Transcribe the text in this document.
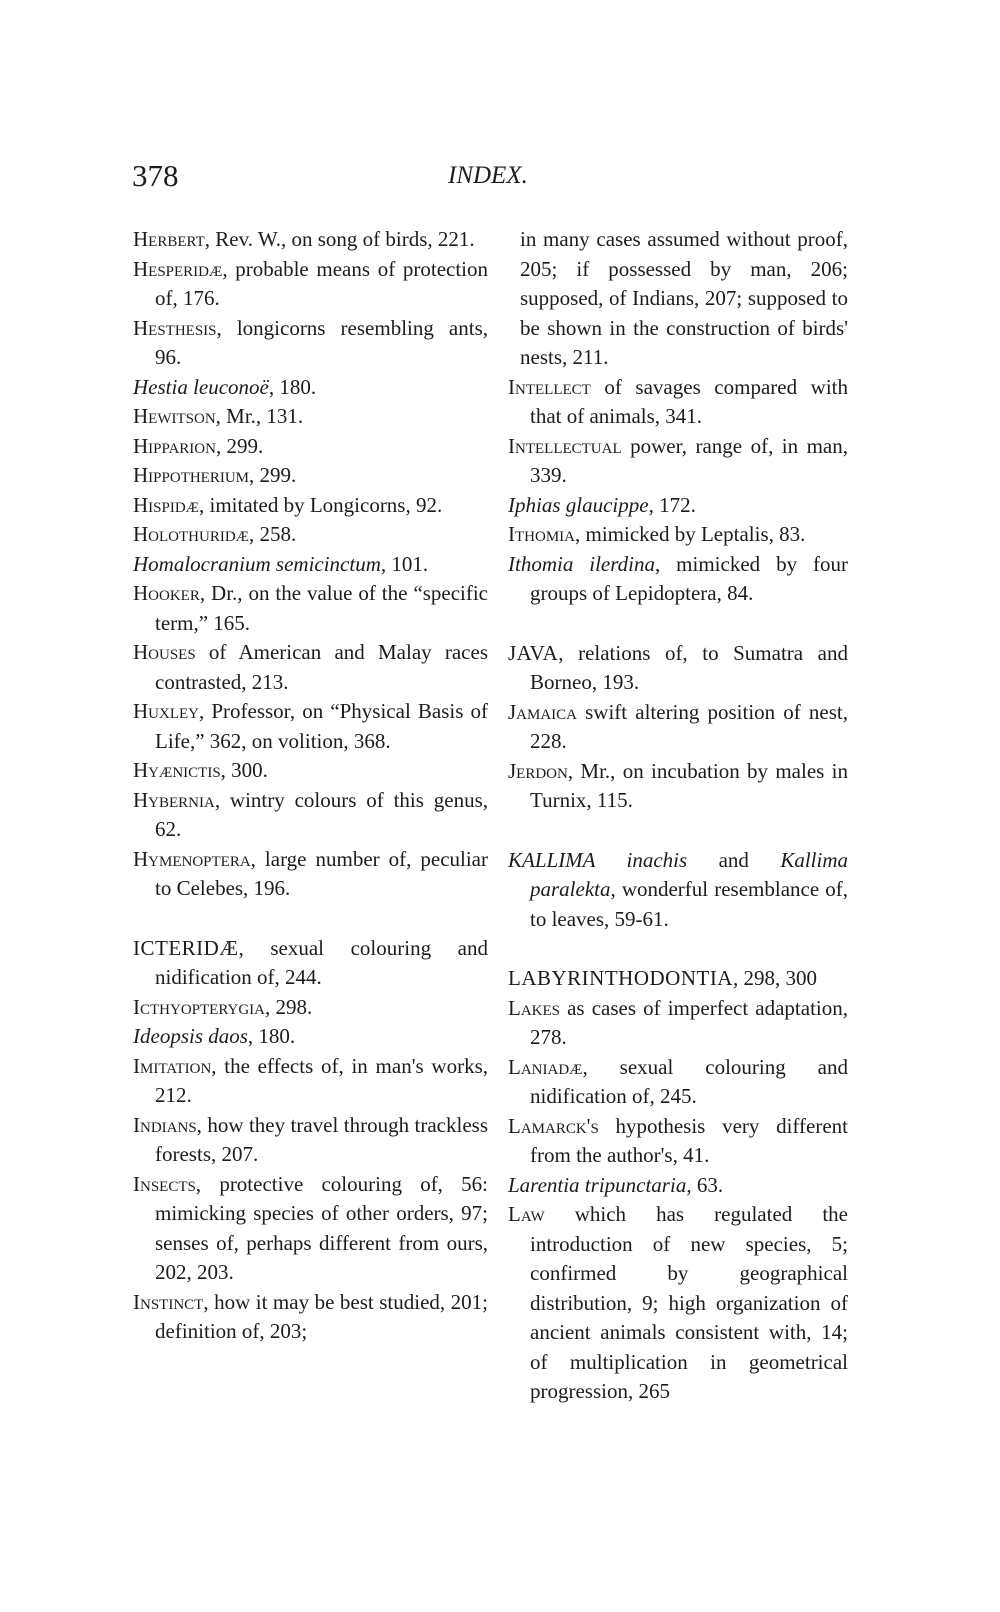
378	INDEX.
Herbert, Rev. W., on song of birds, 221.
Hesperidæ, probable means of protection of, 176.
Hesthesis, longicorns resembling ants, 96.
Hestia leuconoë, 180.
Hewitson, Mr., 131.
Hipparion, 299.
Hippotherium, 299.
Hispidæ, imitated by Longicorns, 92.
Holothuridæ, 258.
Homalocranium semicinctum, 101.
Hooker, Dr., on the value of the “specific term,” 165.
Houses of American and Malay races contrasted, 213.
Huxley, Professor, on “Physical Basis of Life,” 362, on volition, 368.
Hyænictis, 300.
Hybernia, wintry colours of this genus, 62.
Hymenoptera, large number of, peculiar to Celebes, 196.
ICTERIDÆ, sexual colouring and nidification of, 244.
Icthyopterygia, 298.
Ideopsis daos, 180.
Imitation, the effects of, in man's works, 212.
Indians, how they travel through trackless forests, 207.
Insects, protective colouring of, 56: mimicking species of other orders, 97; senses of, perhaps different from ours, 202, 203.
Instinct, how it may be best studied, 201; definition of, 203;
in many cases assumed without proof, 205; if possessed by man, 206; supposed, of Indians, 207; supposed to be shown in the construction of birds' nests, 211.
Intellect of savages compared with that of animals, 341.
Intellectual power, range of, in man, 339.
Iphias glaucippe, 172.
Ithomia, mimicked by Leptalis, 83.
Ithomia ilerdina, mimicked by four groups of Lepidoptera, 84.
JAVA, relations of, to Sumatra and Borneo, 193.
Jamaica swift altering position of nest, 228.
Jerdon, Mr., on incubation by males in Turnix, 115.
KALLIMA inachis and Kallima paralekta, wonderful resemblance of, to leaves, 59-61.
LABYRINTHODONTIA, 298, 300
Lakes as cases of imperfect adaptation, 278.
Laniadæ, sexual colouring and nidification of, 245.
Lamarck's hypothesis very different from the author's, 41.
Larentia tripunctaria, 63.
Law which has regulated the introduction of new species, 5; confirmed by geographical distribution, 9; high organization of ancient animals consistent with, 14; of multiplication in geometrical progression, 265
